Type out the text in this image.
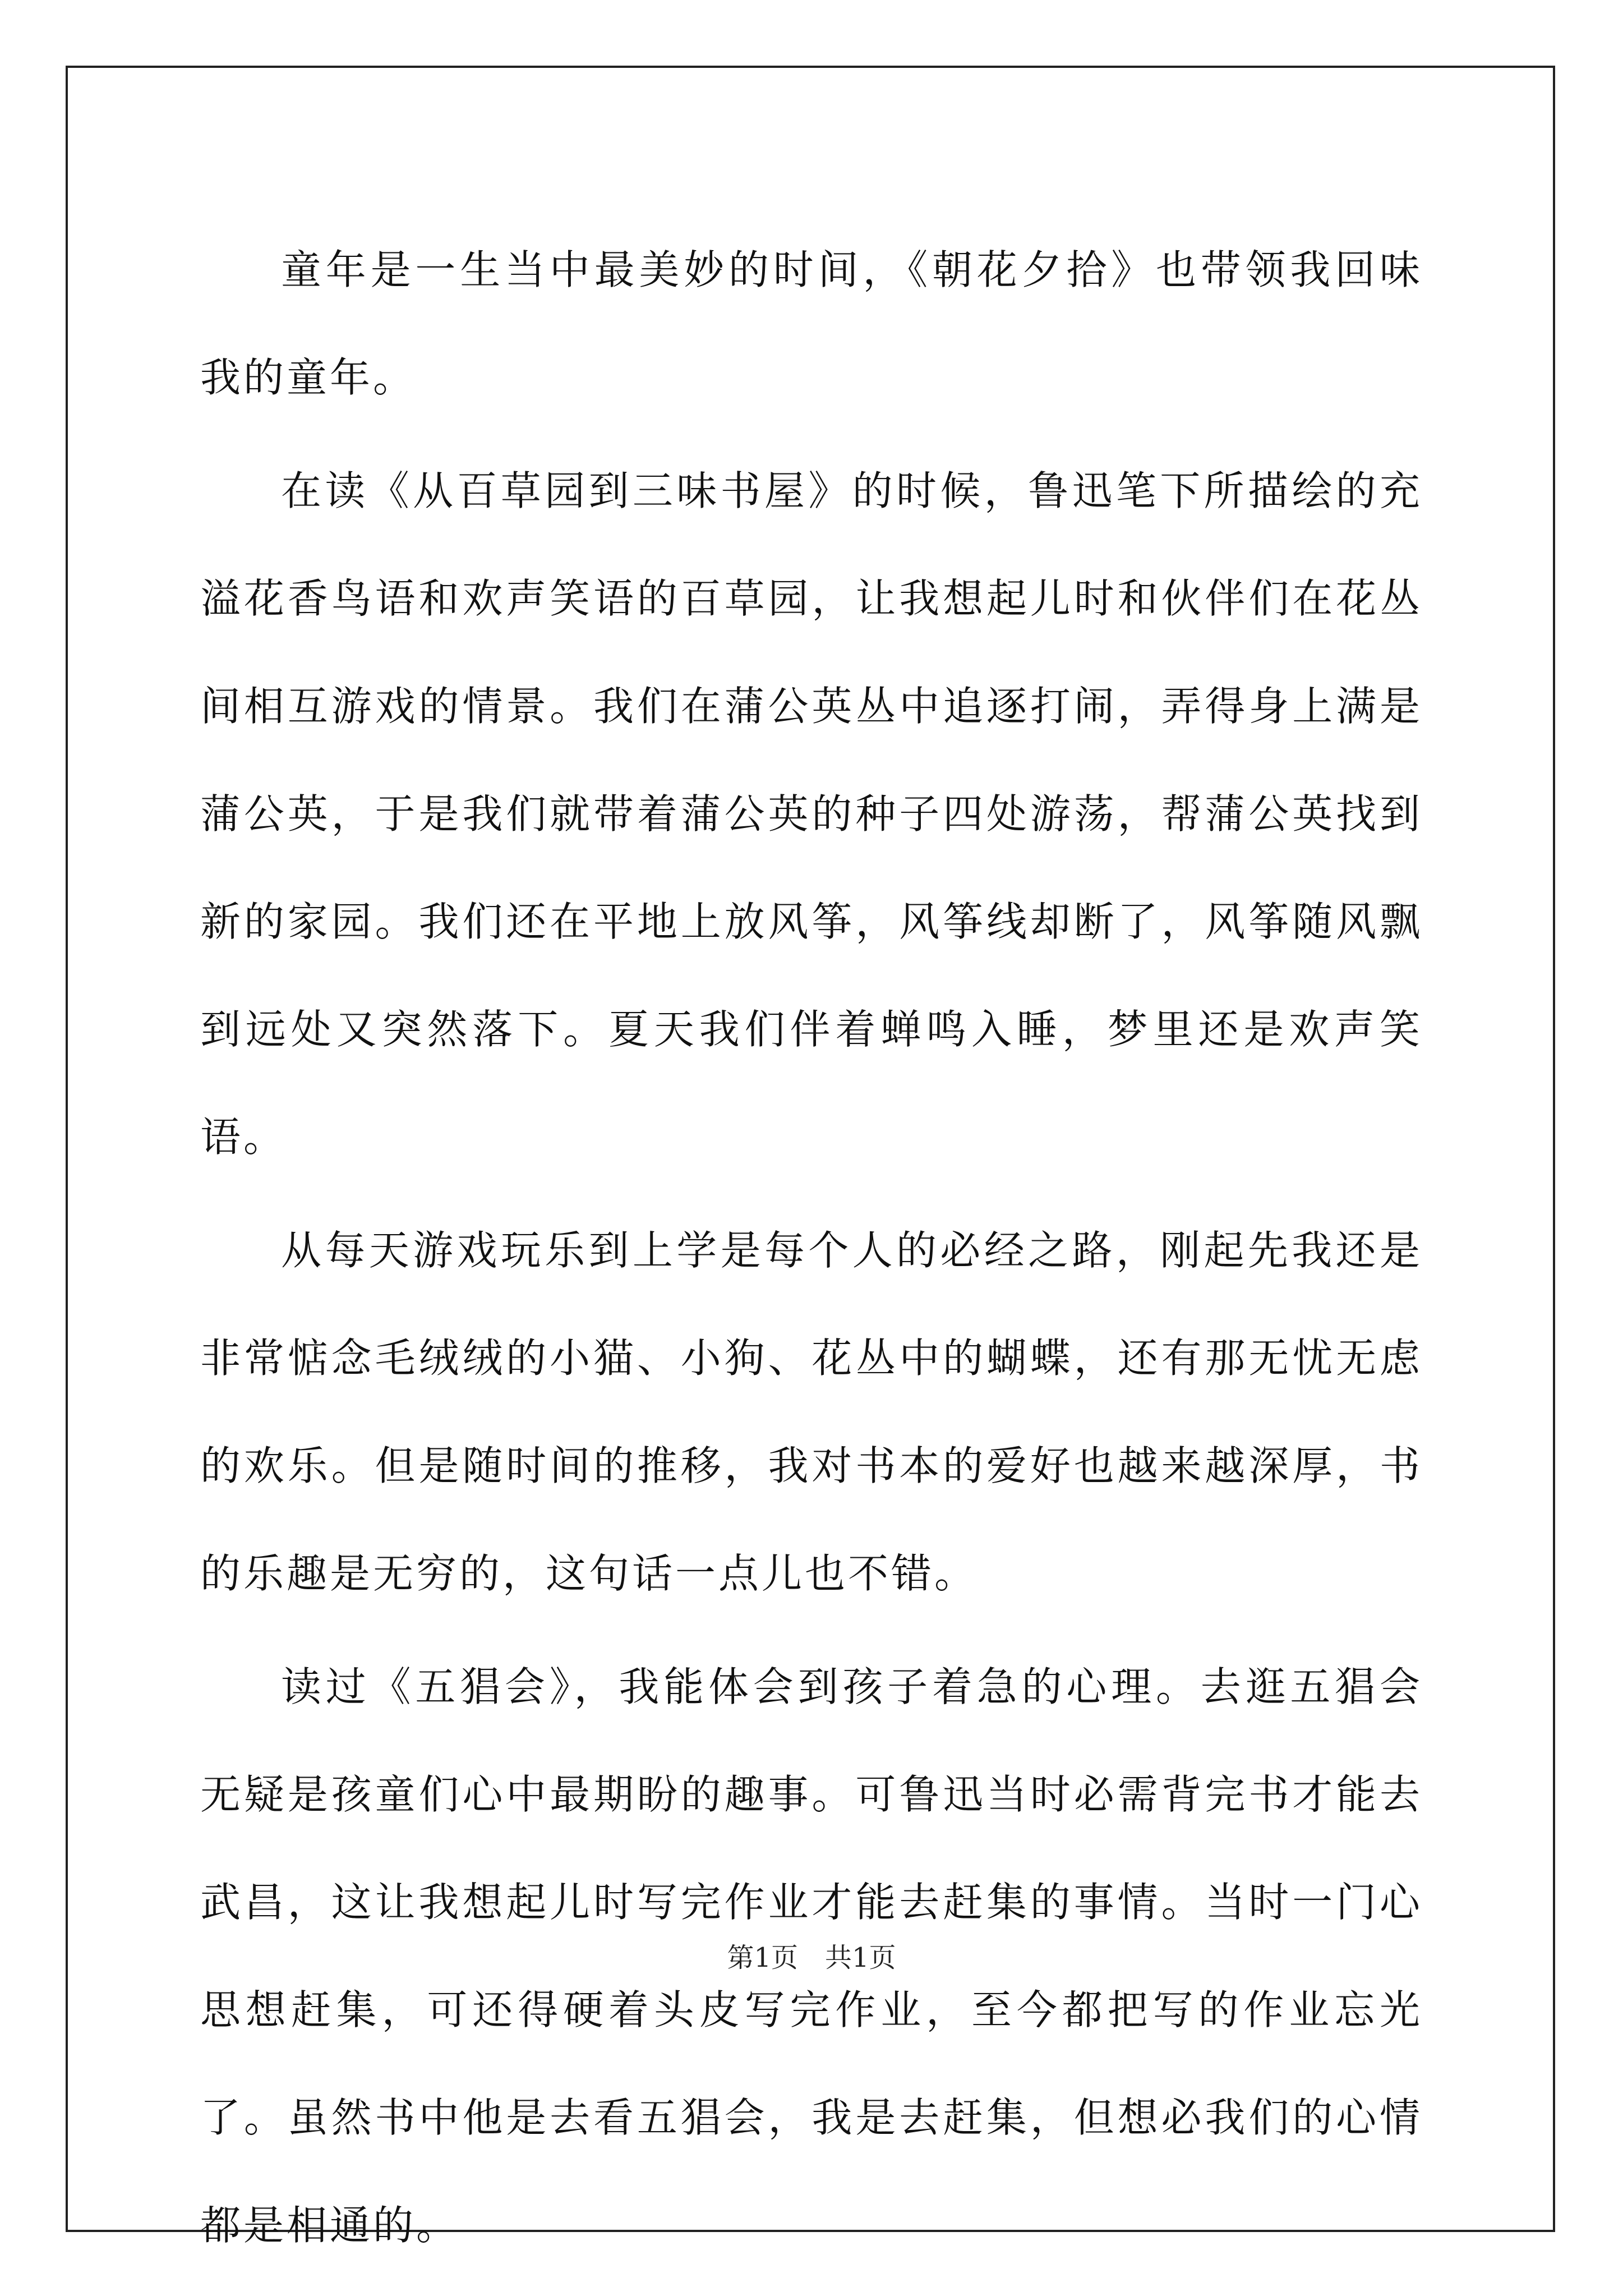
童年是一生当中最美妙的时间，《朝花夕拾》也带领我回味我的童年。

在读《从百草园到三味书屋》的时候，鲁迅笔下所描绘的充溢花香鸟语和欢声笑语的百草园，让我想起儿时和伙伴们在花丛间相互游戏的情景。我们在蒲公英丛中追逐打闹，弄得身上满是蒲公英，于是我们就带着蒲公英的种子四处游荡，帮蒲公英找到新的家园。我们还在平地上放风筝，风筝线却断了，风筝随风飘到远处又突然落下。夏天我们伴着蝉鸣入睡，梦里还是欢声笑语。

从每天游戏玩乐到上学是每个人的必经之路，刚起先我还是非常惦念毛绒绒的小猫、小狗、花丛中的蝴蝶，还有那无忧无虑的欢乐。但是随时间的推移，我对书本的爱好也越来越深厚，书的乐趣是无穷的，这句话一点儿也不错。

读过《五猖会》，我能体会到孩子着急的心理。去逛五猖会无疑是孩童们心中最期盼的趣事。可鲁迅当时必需背完书才能去武昌，这让我想起儿时写完作业才能去赶集的事情。当时一门心思想赶集，可还得硬着头皮写完作业，至今都把写的作业忘光了。虽然书中他是去看五猖会，我是去赶集，但想必我们的心情都是相通的。

第1页　共1页
